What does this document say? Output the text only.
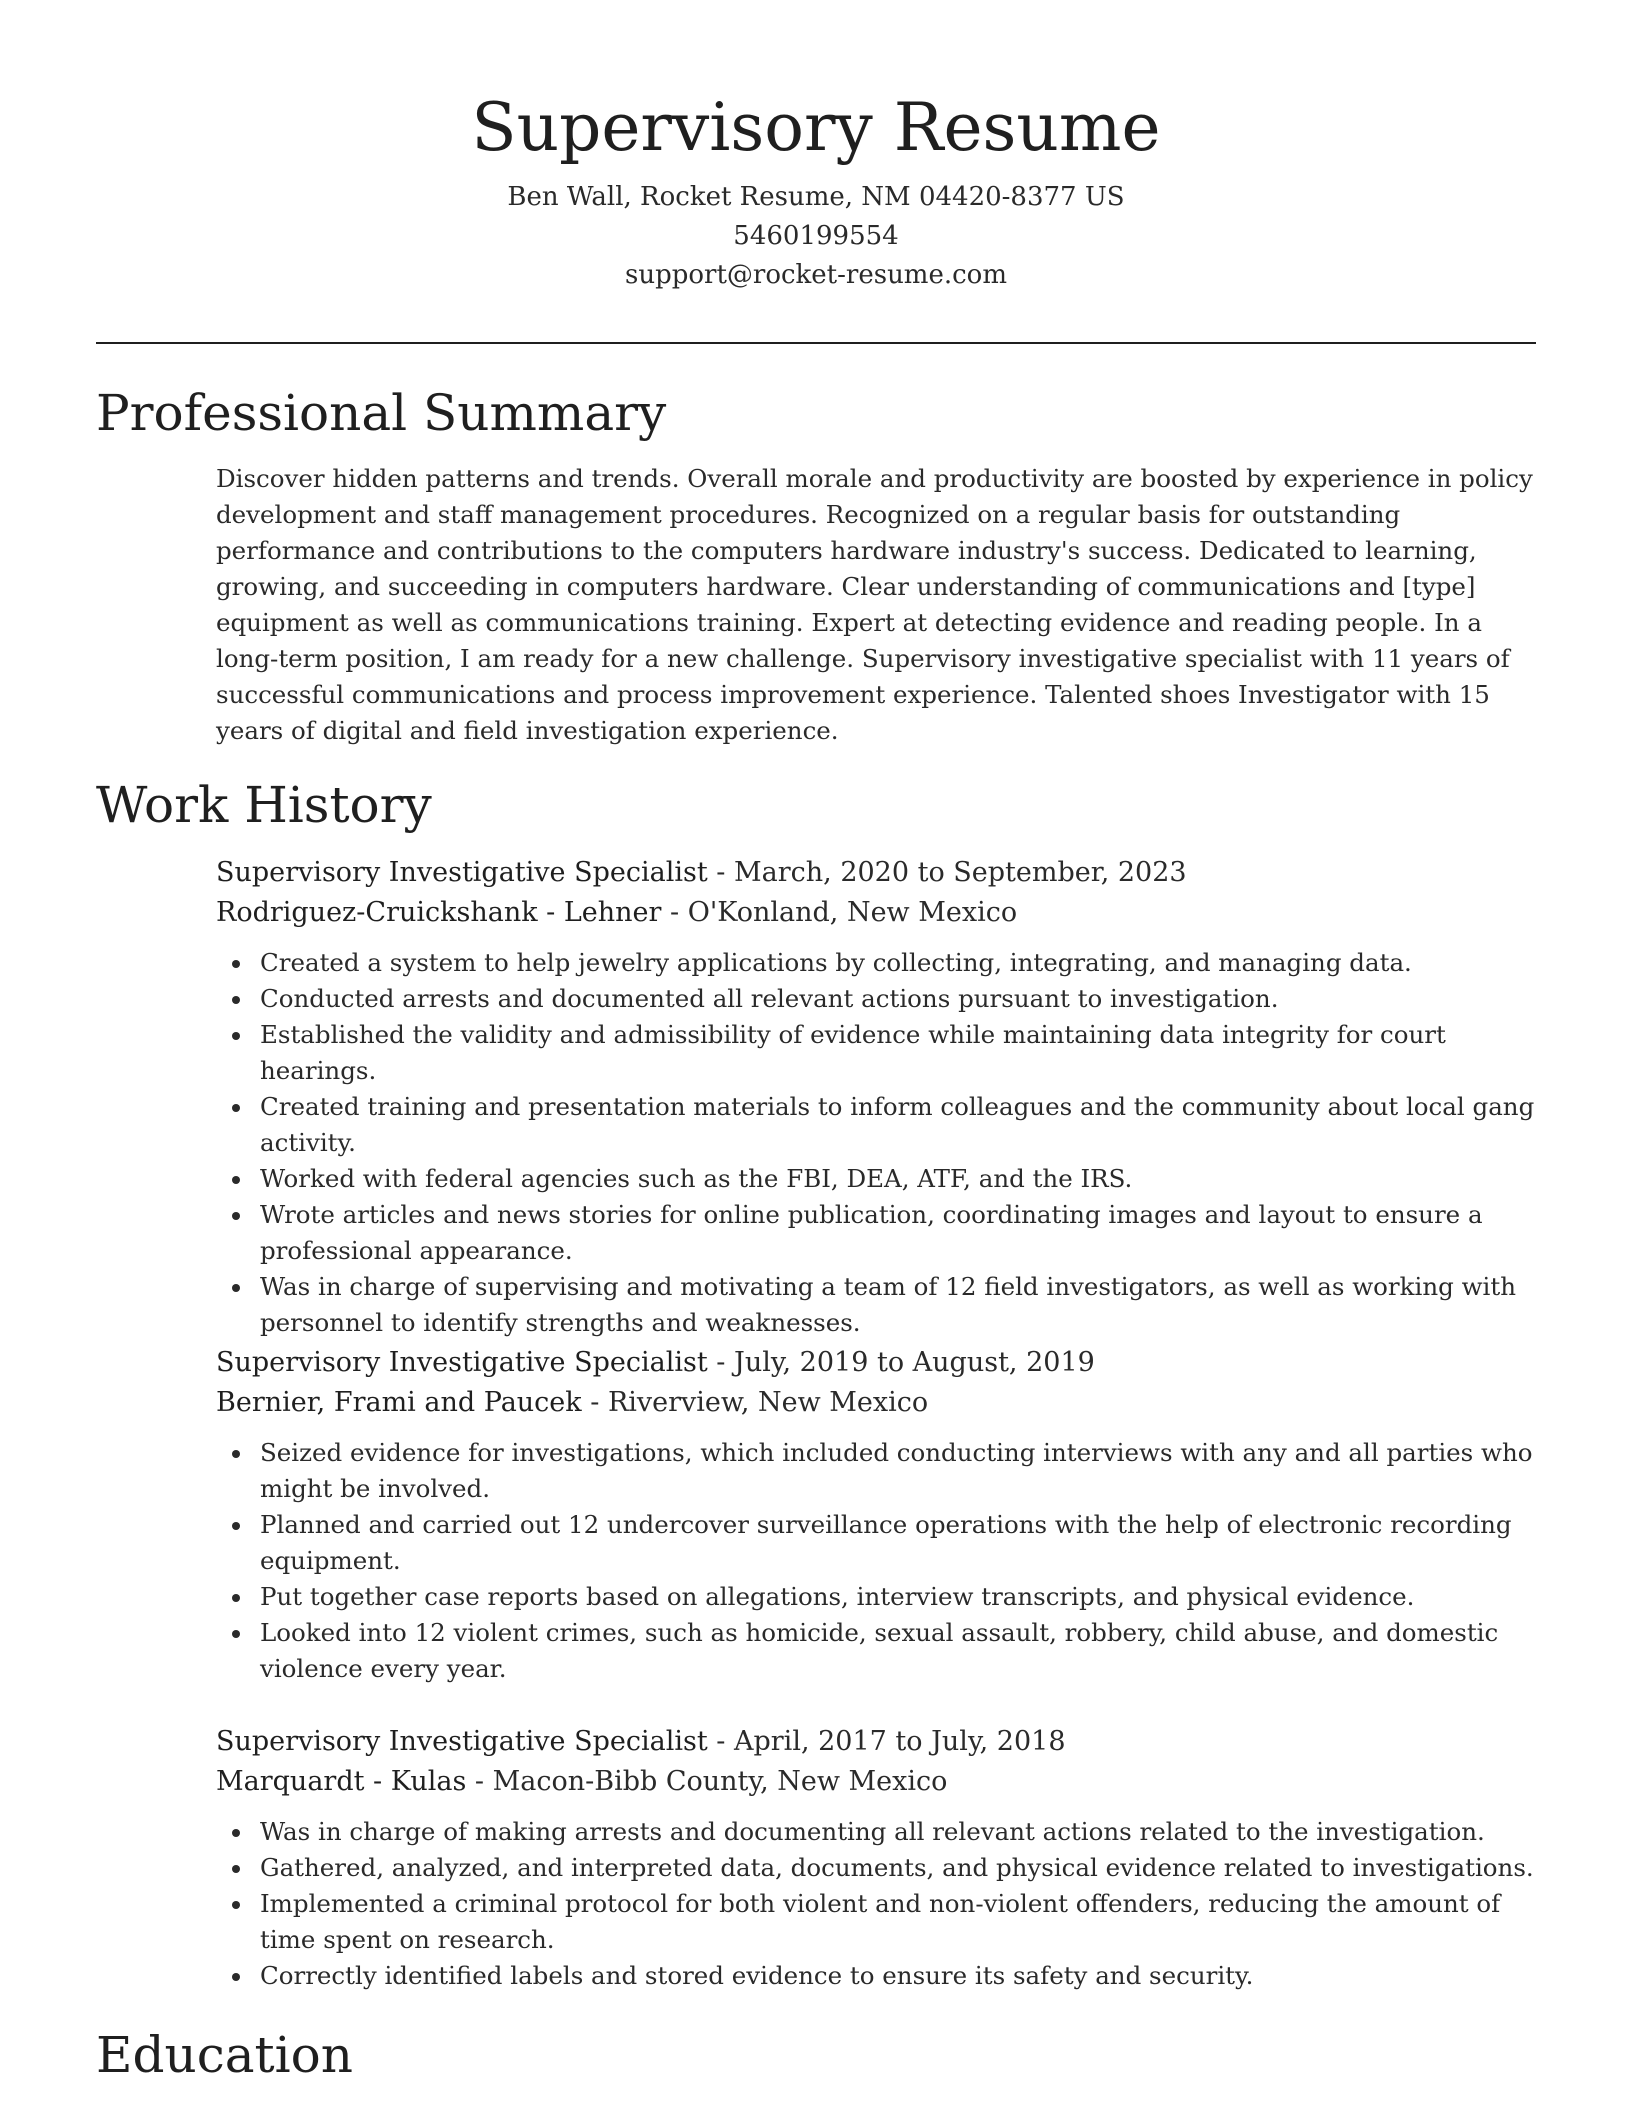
Supervisory Resume
Ben Wall, Rocket Resume, NM 04420-8377 US
5460199554
support@rocket-resume.com
Professional Summary

Discover hidden patterns and trends. Overall morale and productivity are boosted by experience in policy development and staff management procedures. Recognized on a regular basis for outstanding performance and contributions to the computers hardware industry's success. Dedicated to learning, growing, and succeeding in computers hardware. Clear understanding of communications and [type] equipment as well as communications training. Expert at detecting evidence and reading people. In a long-term position, I am ready for a new challenge. Supervisory investigative specialist with 11 years of successful communications and process improvement experience. Talented shoes Investigator with 15 years of digital and field investigation experience.

Work History
Supervisory Investigative Specialist - March, 2020 to September, 2023
Rodriguez-Cruickshank - Lehner - O'Konland, New Mexico
Created a system to help jewelry applications by collecting, integrating, and managing data.
Conducted arrests and documented all relevant actions pursuant to investigation.
Established the validity and admissibility of evidence while maintaining data integrity for court hearings.
Created training and presentation materials to inform colleagues and the community about local gang activity.
Worked with federal agencies such as the FBI, DEA, ATF, and the IRS.
Wrote articles and news stories for online publication, coordinating images and layout to ensure a professional appearance.
Was in charge of supervising and motivating a team of 12 field investigators, as well as working with personnel to identify strengths and weaknesses.
Supervisory Investigative Specialist - July, 2019 to August, 2019
Bernier, Frami and Paucek - Riverview, New Mexico
Seized evidence for investigations, which included conducting interviews with any and all parties who might be involved.
Planned and carried out 12 undercover surveillance operations with the help of electronic recording equipment.
Put together case reports based on allegations, interview transcripts, and physical evidence.
Looked into 12 violent crimes, such as homicide, sexual assault, robbery, child abuse, and domestic violence every year.
Supervisory Investigative Specialist - April, 2017 to July, 2018
Marquardt - Kulas - Macon-Bibb County, New Mexico
Was in charge of making arrests and documenting all relevant actions related to the investigation.
Gathered, analyzed, and interpreted data, documents, and physical evidence related to investigations.
Implemented a criminal protocol for both violent and non-violent offenders, reducing the amount of time spent on research.
Correctly identified labels and stored evidence to ensure its safety and security.
Education
